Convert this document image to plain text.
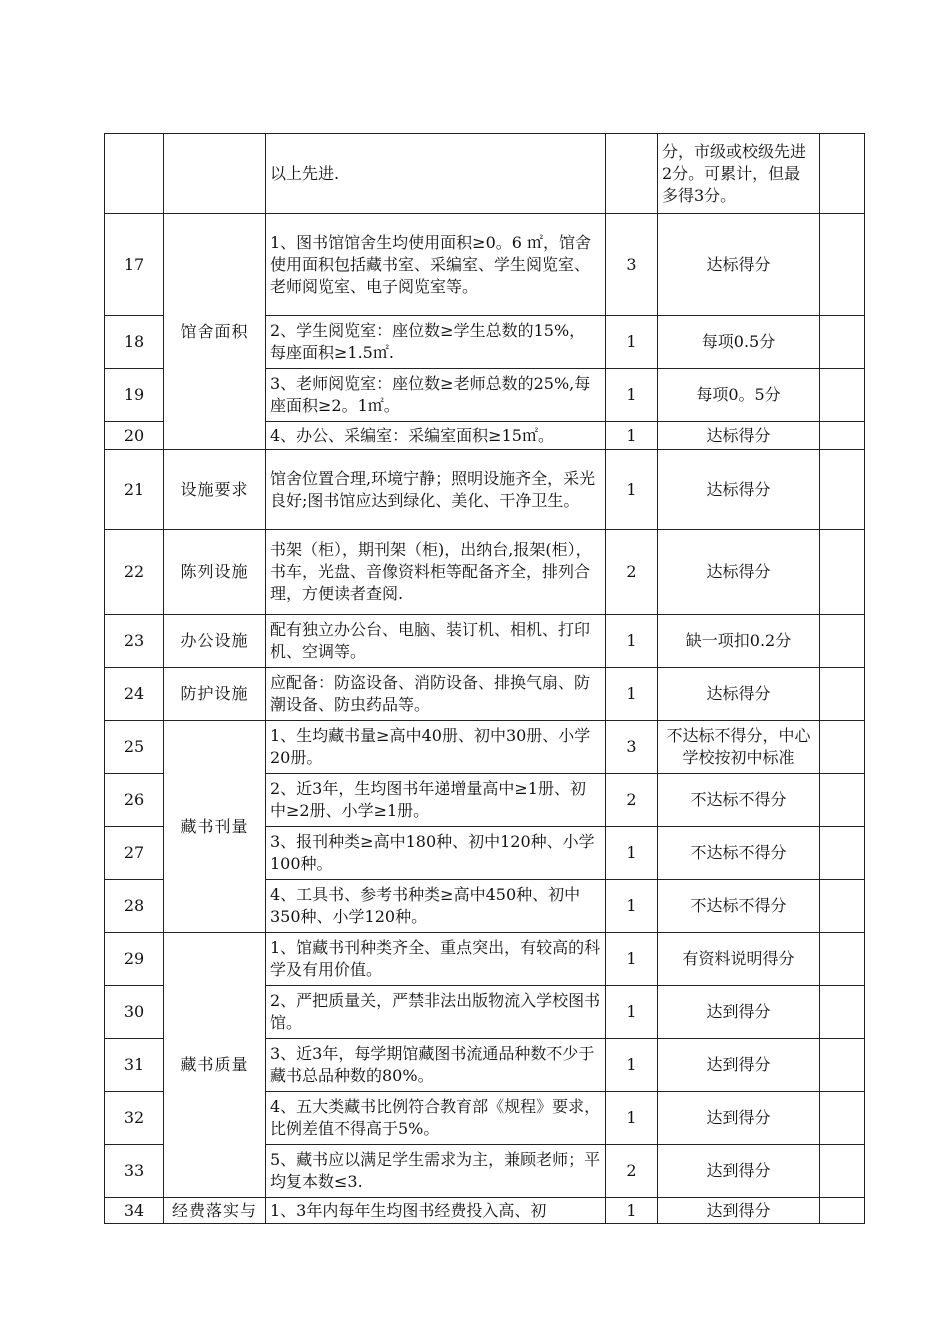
		以上先进.		分，市级或校级先进2分。可累计，但最多得3分。	
17	馆舍面积	1、图书馆馆舍生均使用面积≥0。6 ㎡，馆舍使用面积包括藏书室、采编室、学生阅览室、老师阅览室、电子阅览室等。	3	达标得分	
18		2、学生阅览室：座位数≥学生总数的15%，每座面积≥1.5㎡.	1	每项0.5分	
19		3、老师阅览室：座位数≥老师总数的25%,每座面积≥2。1㎡。	1	每项0。5分	
20		4、办公、采编室：采编室面积≥15㎡。	1	达标得分	
21	设施要求	馆舍位置合理,环境宁静；照明设施齐全，采光良好;图书馆应达到绿化、美化、干净卫生。	1	达标得分	
22	陈列设施	书架（柜），期刊架（柜)，出纳台,报架(柜），书车，光盘、音像资料柜等配备齐全，排列合理，方便读者查阅.	2	达标得分	
23	办公设施	配有独立办公台、电脑、装订机、相机、打印机、空调等。	1	缺一项扣0.2分	
24	防护设施	应配备：防盗设备、消防设备、排换气扇、防潮设备、防虫药品等。	1	达标得分	
25	藏书刊量	1、生均藏书量≥高中40册、初中30册、小学20册。	3	不达标不得分，中心学校按初中标准	
26		2、近3年，生均图书年递增量高中≥1册、初中≥2册、小学≥1册。	2	不达标不得分	
27		3、报刊种类≥高中180种、初中120种、小学100种。	1	不达标不得分	
28		4、工具书、参考书种类≥高中450种、初中350种、小学120种。	1	不达标不得分	
29	藏书质量	1、馆藏书刊种类齐全、重点突出，有较高的科学及有用价值。	1	有资料说明得分	
30		2、严把质量关，严禁非法出版物流入学校图书馆。	1	达到得分	
31		3、近3年，每学期馆藏图书流通品种数不少于藏书总品种数的80%。	1	达到得分	
32		4、五大类藏书比例符合教育部《规程》要求，比例差值不得高于5%。	1	达到得分	
33		5、藏书应以满足学生需求为主，兼顾老师；平均复本数≤3.	2	达到得分	
34	经费落实与	1、3年内每年生均图书经费投入高、初	1	达到得分	
